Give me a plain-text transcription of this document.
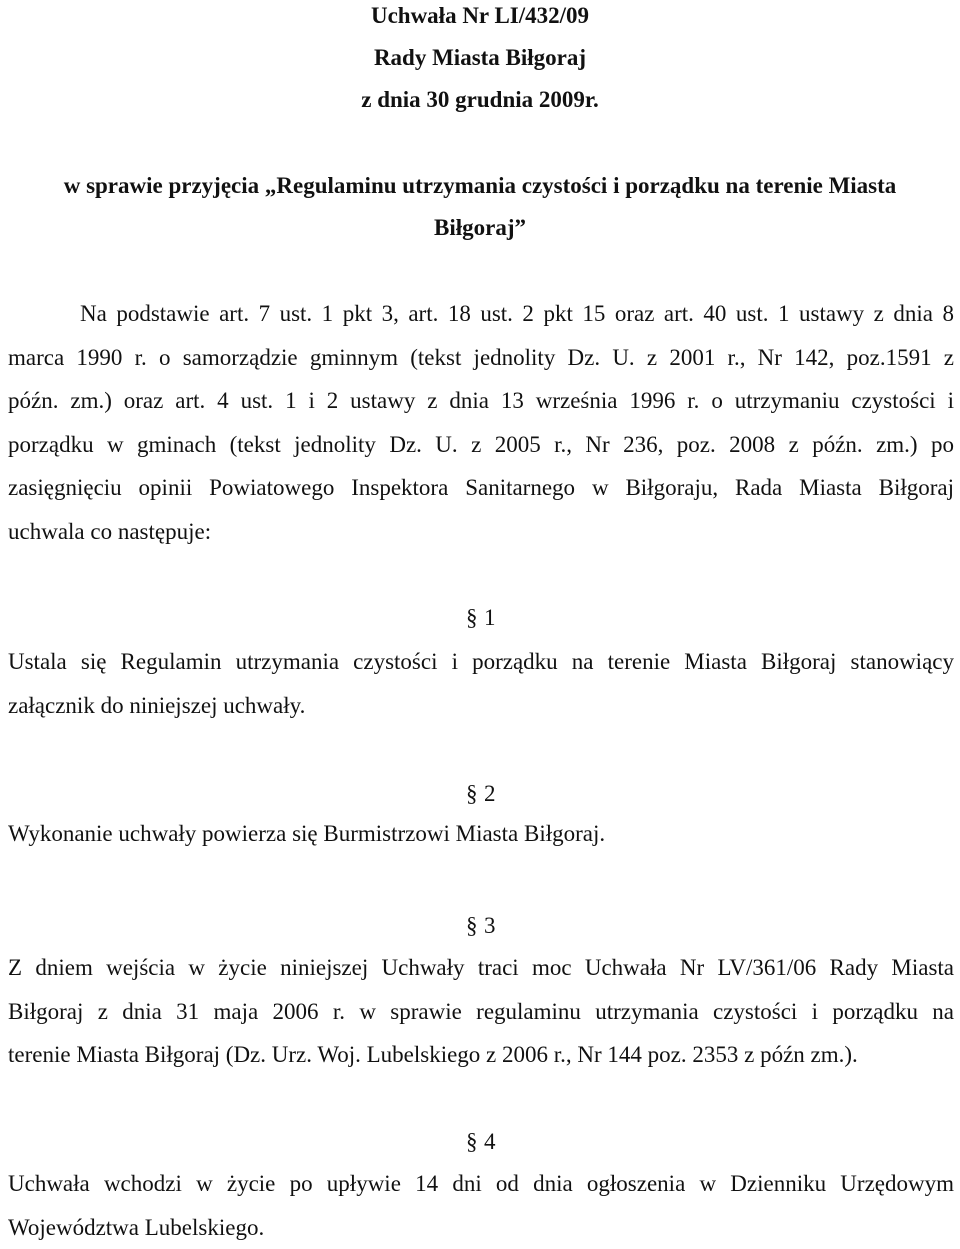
Uchwała Nr LI/432/09
Rady Miasta Biłgoraj
z dnia 30 grudnia 2009r.
w sprawie przyjęcia „Regulaminu utrzymania czystości i porządku na terenie Miasta
Biłgoraj”
Na podstawie art. 7 ust. 1 pkt 3, art. 18 ust. 2 pkt 15 oraz art. 40 ust. 1 ustawy z dnia 8
marca 1990 r. o samorządzie gminnym (tekst jednolity Dz. U. z 2001 r., Nr 142, poz.1591 z
późn. zm.) oraz art. 4 ust. 1 i 2 ustawy z dnia 13 września 1996 r. o utrzymaniu czystości i
porządku w gminach (tekst jednolity Dz. U. z 2005 r., Nr 236, poz. 2008 z późn. zm.) po
zasięgnięciu opinii Powiatowego Inspektora Sanitarnego w Biłgoraju, Rada Miasta Biłgoraj
uchwala co następuje:
§ 1
Ustala się Regulamin utrzymania czystości i porządku na terenie Miasta Biłgoraj stanowiący
załącznik do niniejszej uchwały.
§ 2
Wykonanie uchwały powierza się Burmistrzowi Miasta Biłgoraj.
§ 3
Z dniem wejścia w życie niniejszej Uchwały traci moc Uchwała Nr LV/361/06 Rady Miasta
Biłgoraj z dnia 31 maja 2006 r. w sprawie regulaminu utrzymania czystości i porządku na
terenie Miasta Biłgoraj (Dz. Urz. Woj. Lubelskiego z 2006 r., Nr 144 poz. 2353 z późn zm.).
§ 4
Uchwała wchodzi w życie po upływie 14 dni od dnia ogłoszenia w Dzienniku Urzędowym
Województwa Lubelskiego.
